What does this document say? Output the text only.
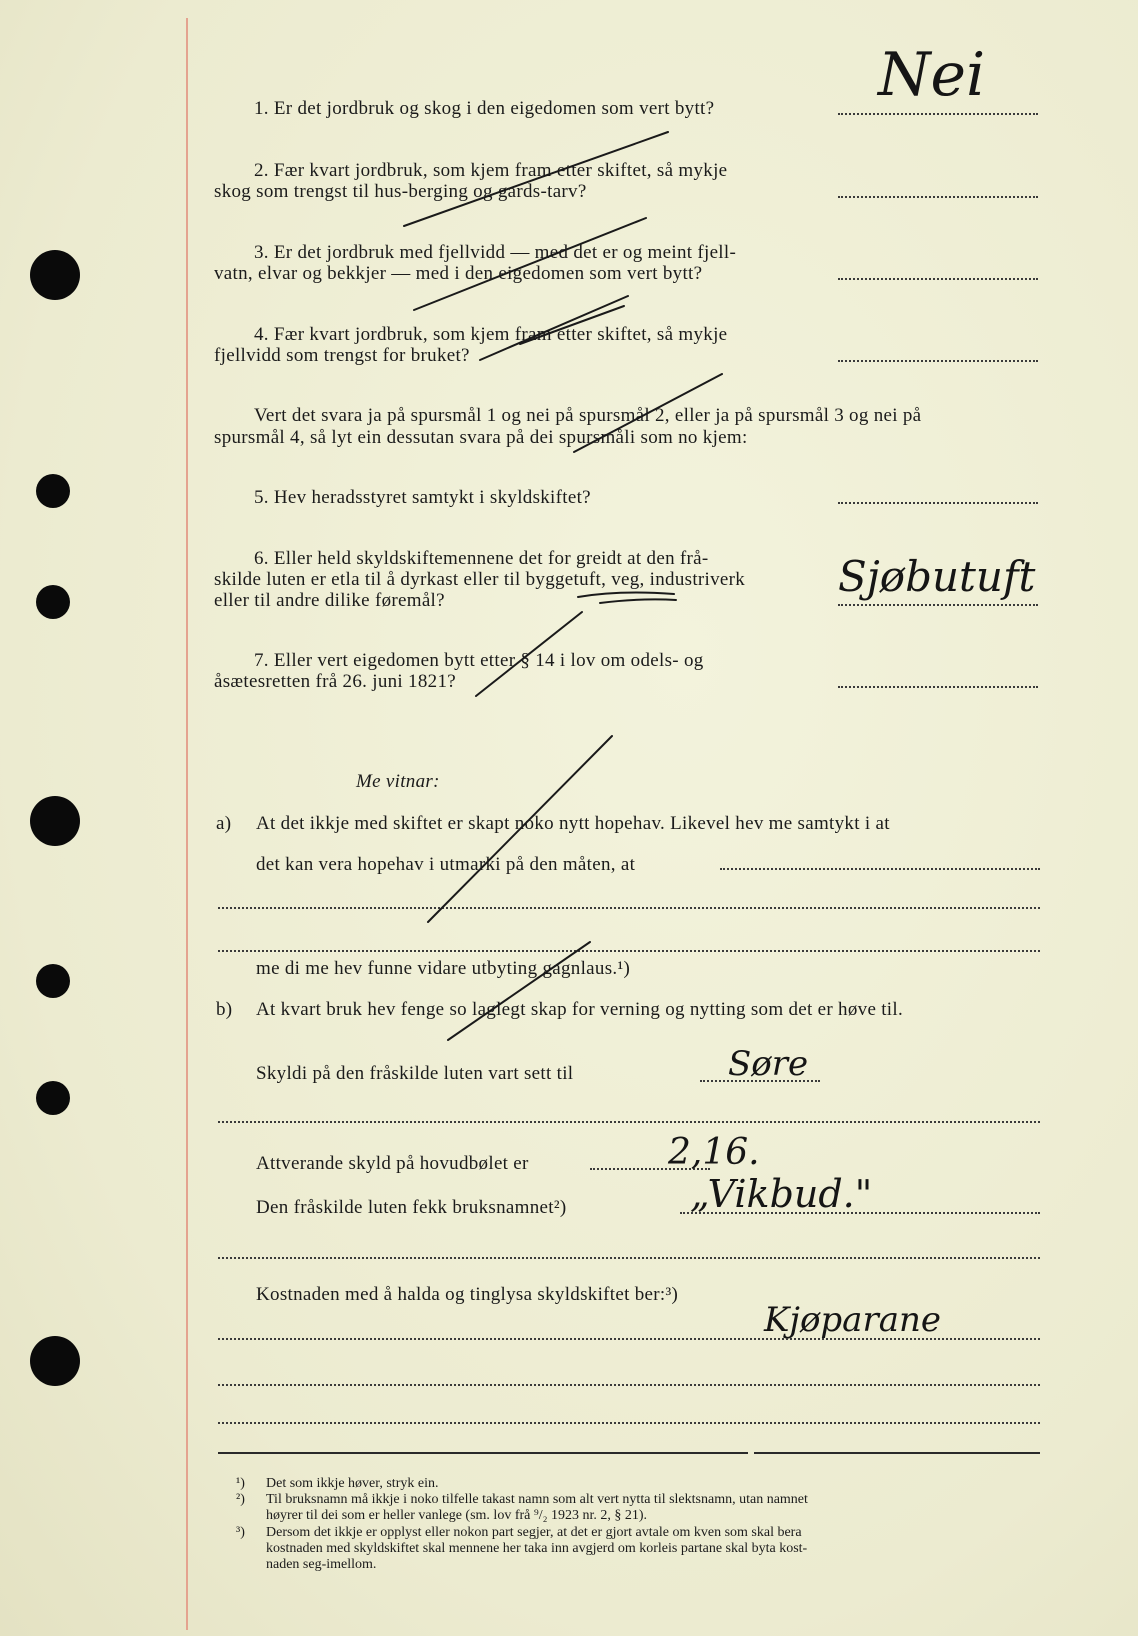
1. Er det jordbruk og skog i den eigedomen som vert bytt?	Nei
2. Fær kvart jordbruk, som kjem fram etter skiftet, så mykje
skog som trengst til hus-berging og gards-tarv?
3. Er det jordbruk med fjellvidd — med det er og meint fjell-
vatn, elvar og bekkjer — med i den eigedomen som vert bytt?
4. Fær kvart jordbruk, som kjem fram etter skiftet, så mykje
fjellvidd som trengst for bruket?
Vert det svara ja på spursmål 1 og nei på spursmål 2, eller ja på spursmål 3 og nei på
spursmål 4, så lyt ein dessutan svara på dei spursmåli som no kjem:
5. Hev heradsstyret samtykt i skyldskiftet?
6. Eller held skyldskiftemennene det for greidt at den frå-
skilde luten er etla til å dyrkast eller til byggetuft, veg, industriverk
eller til andre dilike føremål?	Sjøbutuft
7. Eller vert eigedomen bytt etter § 14 i lov om odels- og
åsætesretten frå 26. juni 1821?
Me vitnar:
a) At det ikkje med skiftet er skapt noko nytt hopehav. Likevel hev me samtykt i at
det kan vera hopehav i utmarki på den måten, at
me di me hev funne vidare utbyting gagnlaus.¹)
b) At kvart bruk hev fenge so laglegt skap for verning og nytting som det er høve til.
Skyldi på den fråskilde luten vart sett til	Søre
Attverande skyld på hovudbølet er	2,16.
Den fråskilde luten fekk bruksnamnet²)	„Vikbud."
Kostnaden med å halda og tinglysa skyldskiftet ber:³)
Kjøparane
¹) Det som ikkje høver, stryk ein.
²) Til bruksnamn må ikkje i noko tilfelle takast namn som alt vert nytta til slektsnamn, utan namnet
høyrer til dei som er heller vanlege (sm. lov frå ⁹/₂ 1923 nr. 2, § 21).
³) Dersom det ikkje er opplyst eller nokon part segjer, at det er gjort avtale om kven som skal bera
kostnaden med skyldskiftet skal mennene her taka inn avgjerd om korleis partane skal byta kost-
naden seg-imellom.
